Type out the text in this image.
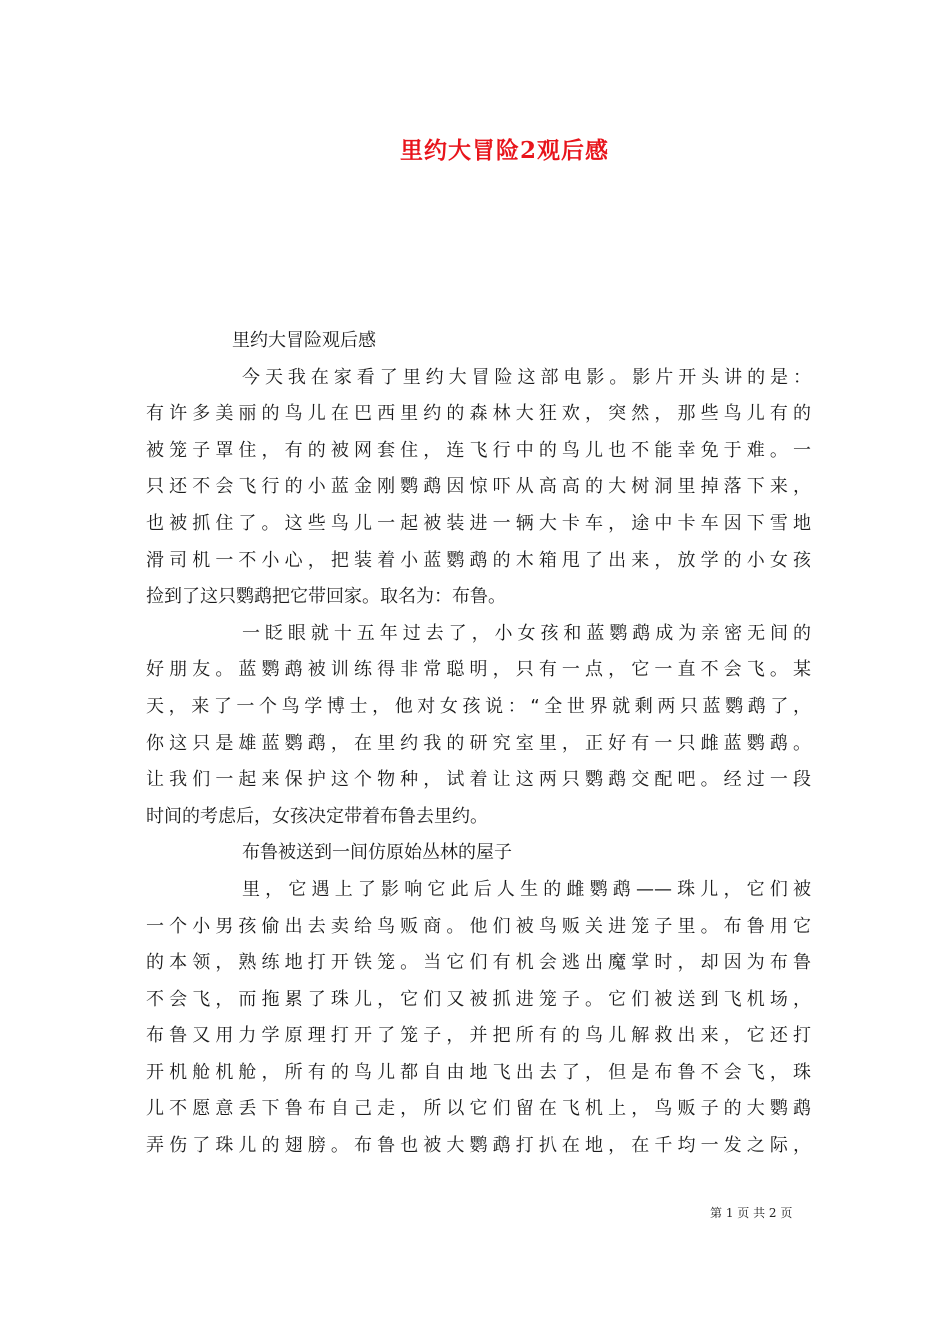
里约大冒险2观后感
里约大冒险观后感
今天我在家看了里约大冒险这部电影。影片开头讲的是：
有许多美丽的鸟儿在巴西里约的森林大狂欢，突然，那些鸟儿有的
被笼子罩住，有的被网套住，连飞行中的鸟儿也不能幸免于难。一
只还不会飞行的小蓝金刚鹦鹉因惊吓从高高的大树洞里掉落下来，
也被抓住了。这些鸟儿一起被装进一辆大卡车，途中卡车因下雪地
滑司机一不小心，把装着小蓝鹦鹉的木箱甩了出来，放学的小女孩
捡到了这只鹦鹉把它带回家。取名为：布鲁。
一眨眼就十五年过去了，小女孩和蓝鹦鹉成为亲密无间的
好朋友。蓝鹦鹉被训练得非常聪明，只有一点，它一直不会飞。某
天，来了一个鸟学博士，他对女孩说：“全世界就剩两只蓝鹦鹉了，
你这只是雄蓝鹦鹉，在里约我的研究室里，正好有一只雌蓝鹦鹉。
让我们一起来保护这个物种，试着让这两只鹦鹉交配吧。经过一段
时间的考虑后，女孩决定带着布鲁去里约。
布鲁被送到一间仿原始丛林的屋子
里，它遇上了影响它此后人生的雌鹦鹉——珠儿，它们被
一个小男孩偷出去卖给鸟贩商。他们被鸟贩关进笼子里。布鲁用它
的本领，熟练地打开铁笼。当它们有机会逃出魔掌时，却因为布鲁
不会飞，而拖累了珠儿，它们又被抓进笼子。它们被送到飞机场，
布鲁又用力学原理打开了笼子，并把所有的鸟儿解救出来，它还打
开机舱机舱，所有的鸟儿都自由地飞出去了，但是布鲁不会飞，珠
儿不愿意丢下鲁布自己走，所以它们留在飞机上，鸟贩子的大鹦鹉
弄伤了珠儿的翅膀。布鲁也被大鹦鹉打扒在地，在千均一发之际，
第 1 页 共 2 页
